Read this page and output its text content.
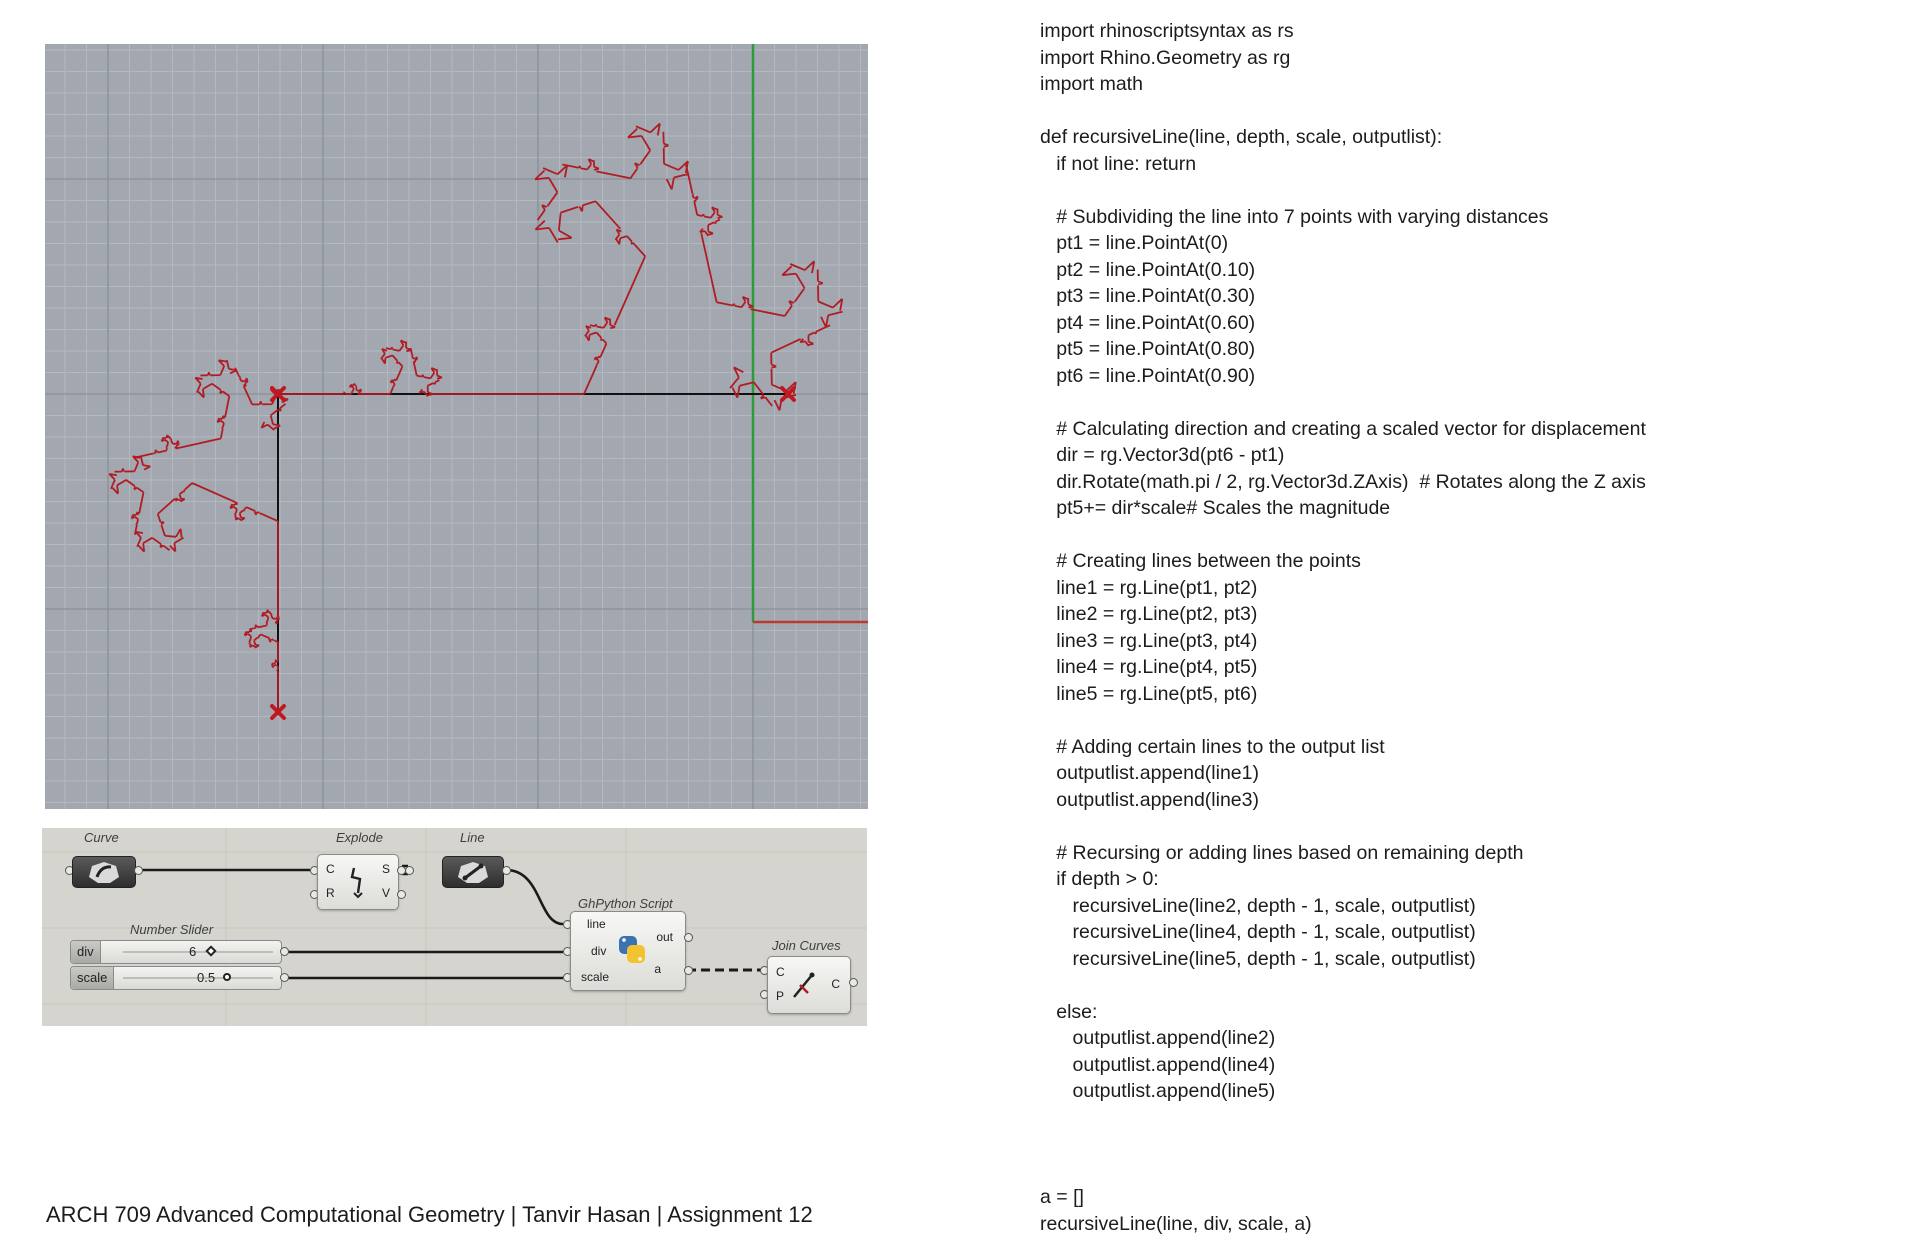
Curve	Explode
C
R
S
V
Line
Number Slider
div	6
scale	0.5
GhPython Script
line
div
scale
out
a
Join Curves
C
P
C
import rhinoscriptsyntax as rs
import Rhino.Geometry as rg
import math
def recursiveLine(line, depth, scale, outputlist):
if not line: return
# Subdividing the line into 7 points with varying distances
pt1 = line.PointAt(0)
pt2 = line.PointAt(0.10)
pt3 = line.PointAt(0.30)
pt4 = line.PointAt(0.60)
pt5 = line.PointAt(0.80)
pt6 = line.PointAt(0.90)
# Calculating direction and creating a scaled vector for displacement
dir = rg.Vector3d(pt6 - pt1)
dir.Rotate(math.pi / 2, rg.Vector3d.ZAxis)  # Rotates along the Z axis
pt5+= dir*scale# Scales the magnitude
# Creating lines between the points
line1 = rg.Line(pt1, pt2)
line2 = rg.Line(pt2, pt3)
line3 = rg.Line(pt3, pt4)
line4 = rg.Line(pt4, pt5)
line5 = rg.Line(pt5, pt6)
# Adding certain lines to the output list
outputlist.append(line1)
outputlist.append(line3)
# Recursing or adding lines based on remaining depth
if depth > 0:
recursiveLine(line2, depth - 1, scale, outputlist)
recursiveLine(line4, depth - 1, scale, outputlist)
recursiveLine(line5, depth - 1, scale, outputlist)
else:
outputlist.append(line2)
outputlist.append(line4)
outputlist.append(line5)
a = []
recursiveLine(line, div, scale, a)
ARCH 709 Advanced Computational Geometry | Tanvir Hasan | Assignment 12
